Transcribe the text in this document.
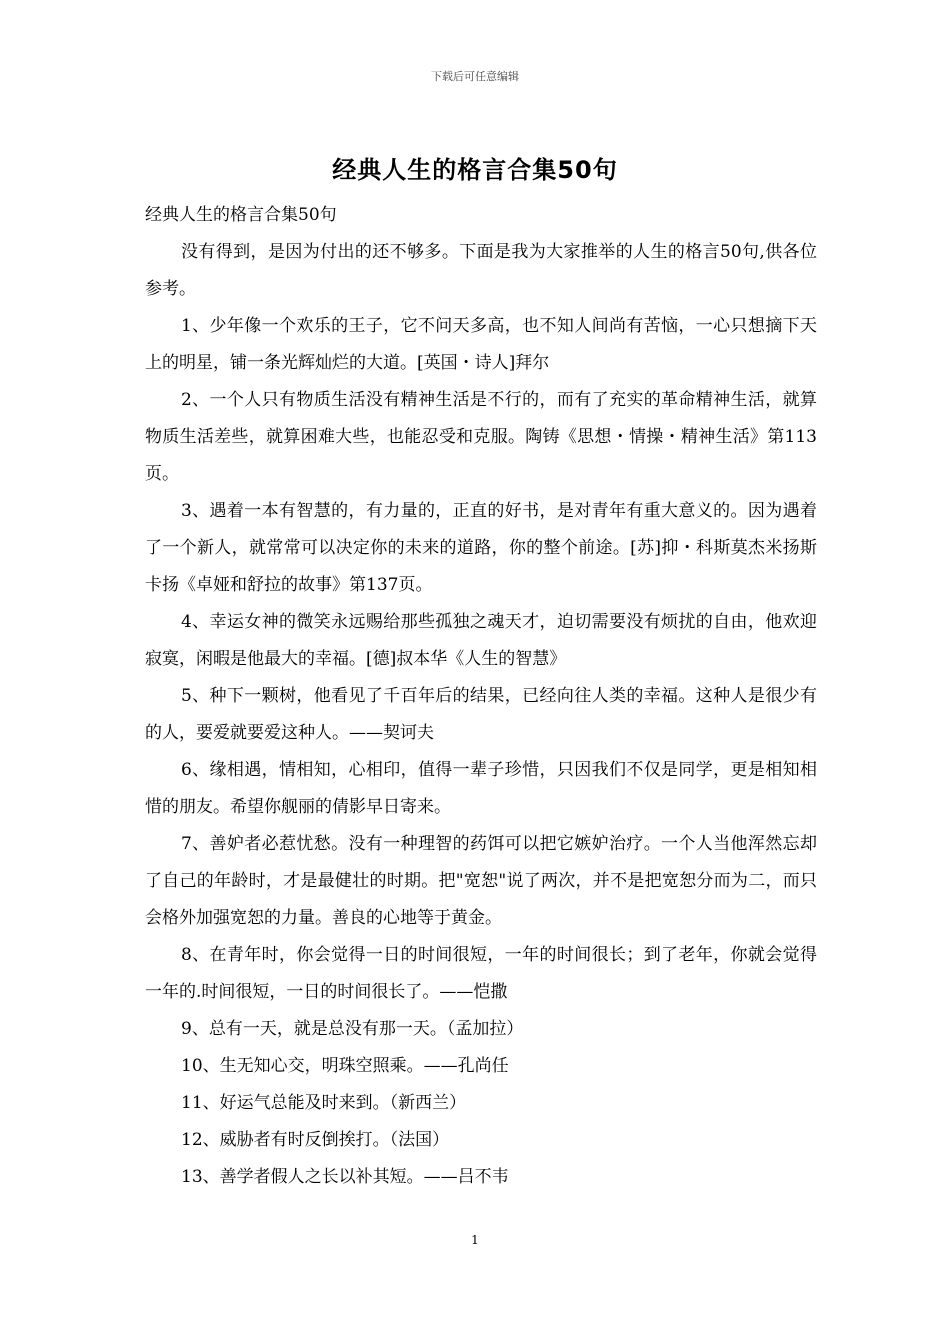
下载后可任意编辑
经典人生的格言合集50句

经典人生的格言合集50句

没有得到，是因为付出的还不够多。下面是我为大家推举的人生的格言50句,供各位参考。

1、少年像一个欢乐的王子，它不问天多高，也不知人间尚有苦恼，一心只想摘下天上的明星，铺一条光辉灿烂的大道。[英国・诗人]拜尔

2、一个人只有物质生活没有精神生活是不行的，而有了充实的革命精神生活，就算物质生活差些，就算困难大些，也能忍受和克服。陶铸《思想・情操・精神生活》第113页。

3、遇着一本有智慧的，有力量的，正直的好书，是对青年有重大意义的。因为遇着了一个新人，就常常可以决定你的未来的道路，你的整个前途。[苏]抑・科斯莫杰米扬斯卡扬《卓娅和舒拉的故事》第137页。

4、幸运女神的微笑永远赐给那些孤独之魂天才，迫切需要没有烦扰的自由，他欢迎寂寞，闲暇是他最大的幸福。[德]叔本华《人生的智慧》

5、种下一颗树，他看见了千百年后的结果，已经向往人类的幸福。这种人是很少有的人，要爱就要爱这种人。——契诃夫

6、缘相遇，情相知，心相印，值得一辈子珍惜，只因我们不仅是同学，更是相知相惜的朋友。希望你舰丽的倩影早日寄来。

7、善妒者必惹忧愁。没有一种理智的药饵可以把它嫉妒治疗。一个人当他浑然忘却了自己的年龄时，才是最健壮的时期。把"宽恕"说了两次，并不是把宽恕分而为二，而只会格外加强宽恕的力量。善良的心地等于黄金。

8、在青年时，你会觉得一日的时间很短，一年的时间很长；到了老年，你就会觉得一年的.时间很短，一日的时间很长了。——恺撒

9、总有一天，就是总没有那一天。（孟加拉）

10、生无知心交，明珠空照乘。——孔尚任

11、好运气总能及时来到。（新西兰）

12、威胁者有时反倒挨打。（法国）

13、善学者假人之长以补其短。——吕不韦

1
